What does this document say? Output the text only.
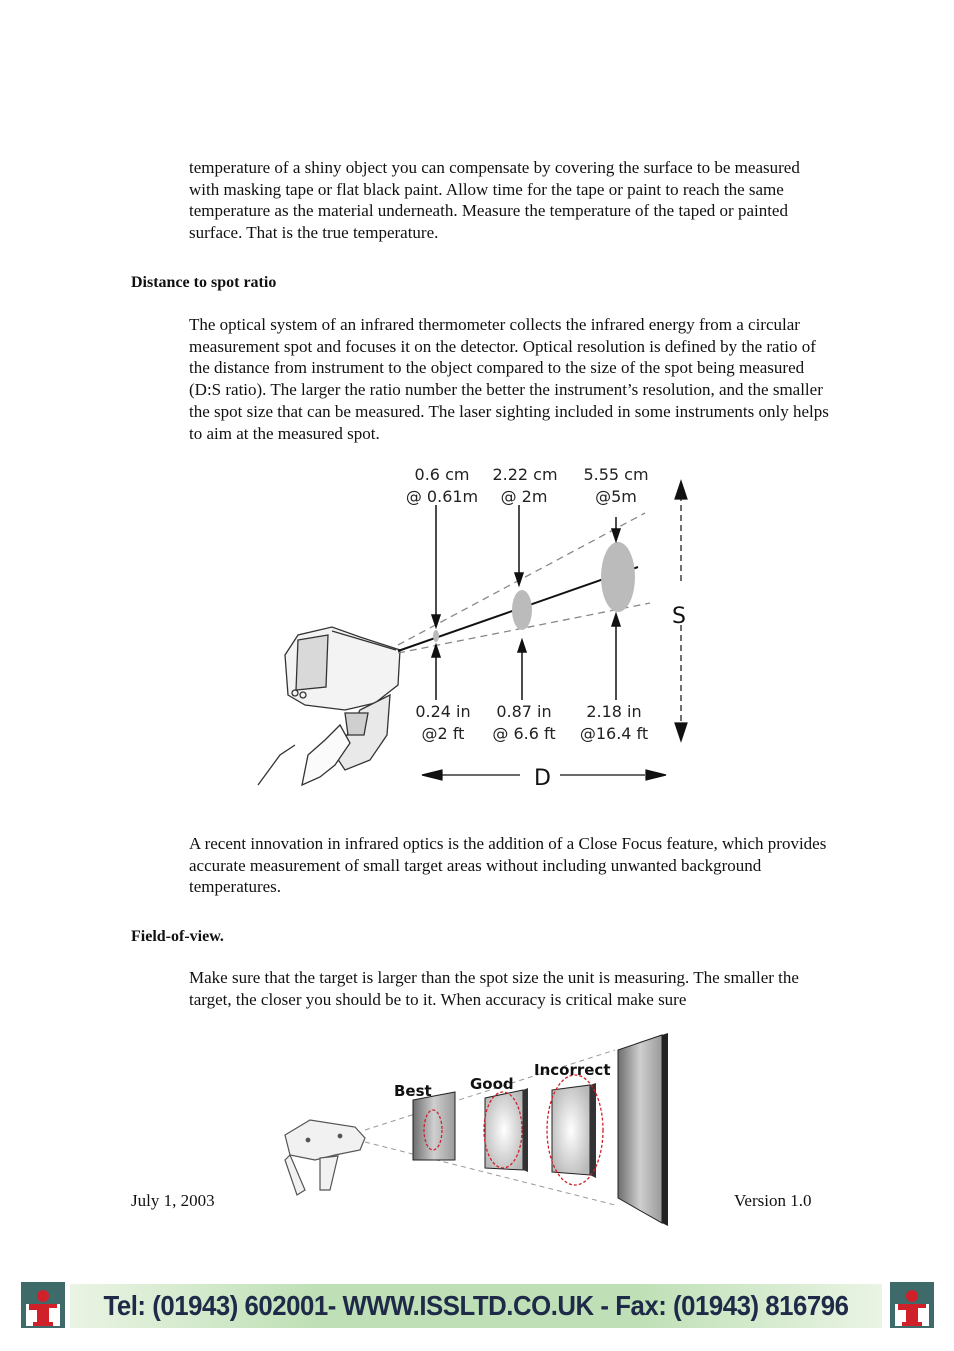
temperature of a shiny object you can compensate by covering the surface to be measured with masking tape or flat black paint. Allow time for the tape or paint to reach the same temperature as the material underneath. Measure the temperature of the taped or painted surface. That is the true temperature.

Distance to spot ratio

The optical system of an infrared thermometer collects the infrared energy from a circular measurement spot and focuses it on the detector. Optical resolution is defined by the ratio of the distance from instrument to the object compared to the size of the spot being measured (D:S ratio). The larger the ratio number the better the instrument’s resolution, and the smaller the spot size that can be measured. The laser sighting included in some instruments only helps to aim at the measured spot.

S
D
0.6 cm
@ 0.61m
2.22 cm
@ 2m
5.55 cm
@5m
0.24 in
@2 ft
0.87 in
@ 6.6 ft
2.18 in
@16.4 ft

A recent innovation in infrared optics is the addition of a Close Focus feature, which provides accurate measurement of small target areas without including unwanted background temperatures.

Field-of-view.

Make sure that the target is larger than the spot size the unit is measuring. The smaller the target, the closer you should be to it. When accuracy is critical make sure

Best	Good
Incorrect
July 1, 2003	Version 1.0
Tel: (01943) 602001- WWW.ISSLTD.CO.UK - Fax: (01943) 816796
